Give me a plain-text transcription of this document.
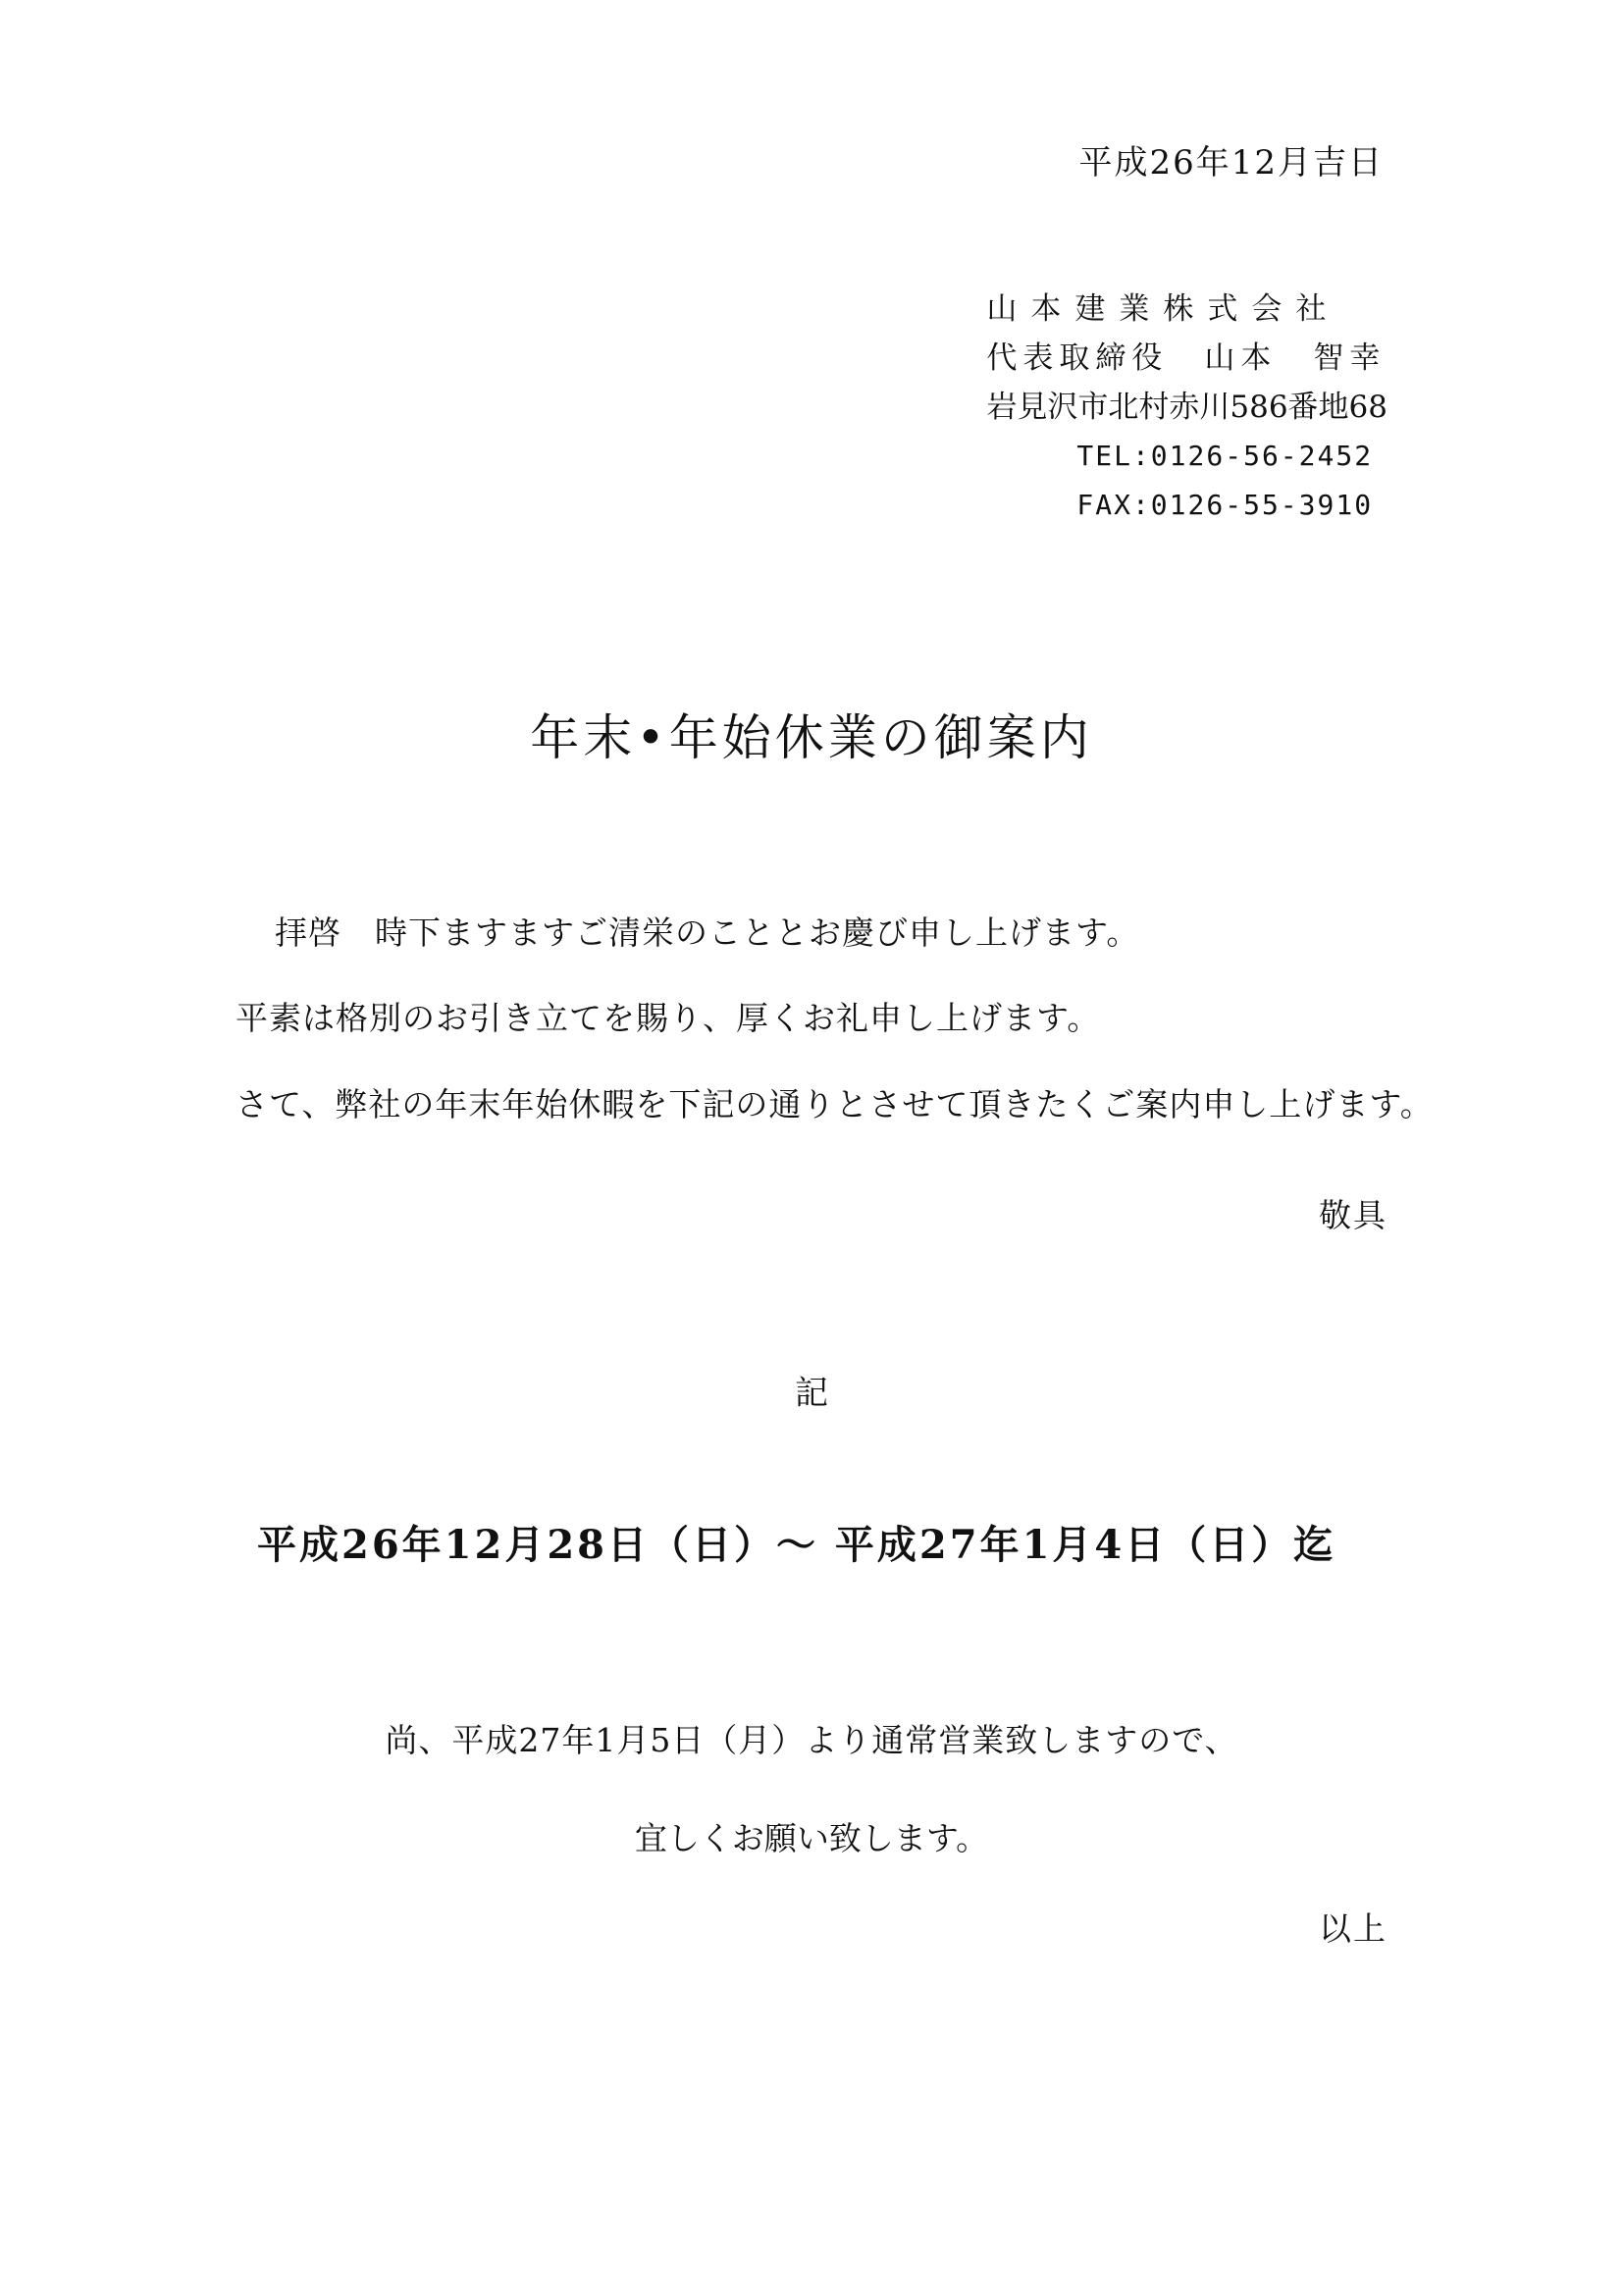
平成26年12月吉日
山本建業株式会社
代表取締役　山本　智幸
岩見沢市北村赤川586番地68
TEL:0126-56-2452
FAX:0126-55-3910
年末•年始休業の御案内
拝啓　時下ますますご清栄のこととお慶び申し上げます。
平素は格別のお引き立てを賜り、厚くお礼申し上げます。
さて、弊社の年末年始休暇を下記の通りとさせて頂きたくご案内申し上げます。
敬具
記
平成26年12月28日（日）～ 平成27年1月4日（日）迄
尚、平成27年1月5日（月）より通常営業致しますので、
宜しくお願い致します。
以上
